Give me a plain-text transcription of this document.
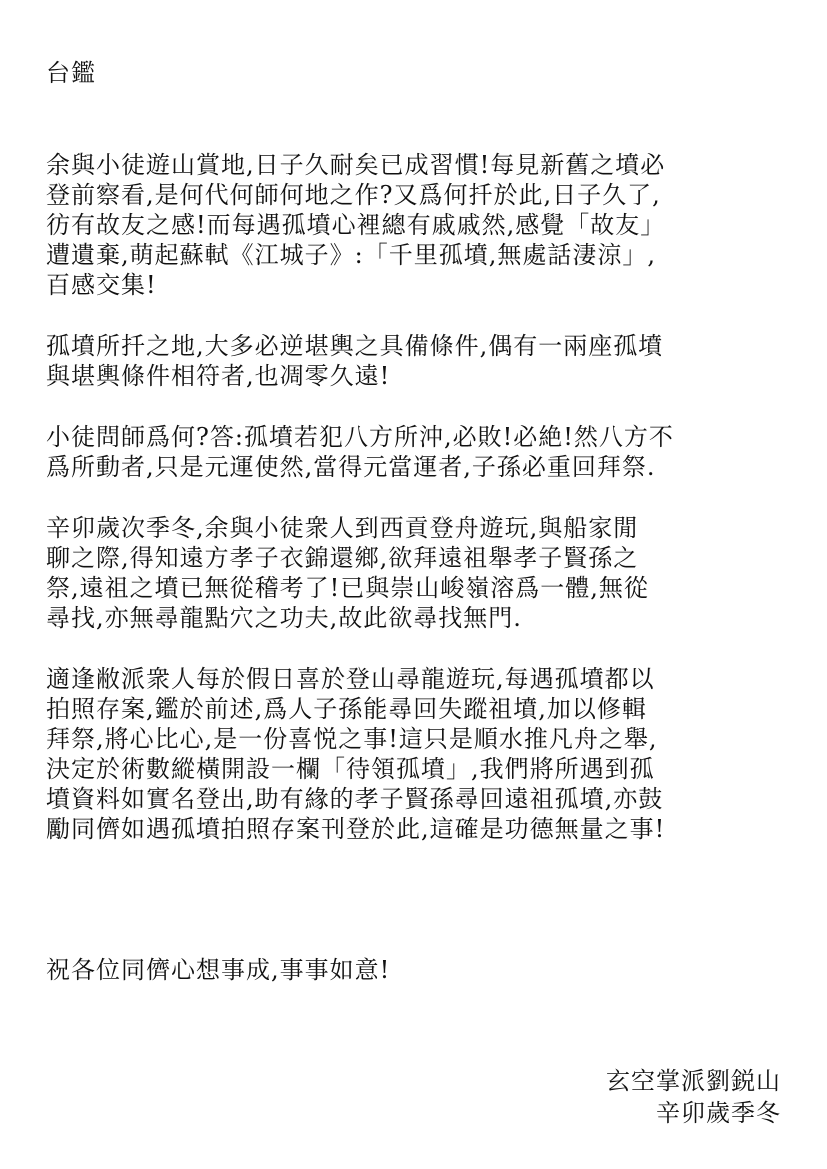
台鑑

余與小徒遊山賞地,日子久耐矣已成習慣!每見新舊之墳必
登前察看,是何代何師何地之作?又爲何扦於此,日子久了,
彷有故友之感!而每遇孤墳心裡總有戚戚然,感覺「故友」
遭遺棄,萌起蘇軾《江城子》:「千里孤墳,無處話淒涼」,
百感交集!

孤墳所扦之地,大多必逆堪輿之具備條件,偶有一兩座孤墳
與堪輿條件相符者,也凋零久遠!

小徒問師爲何?答:孤墳若犯八方所沖,必敗!必絶!然八方不
爲所動者,只是元運使然,當得元當運者,子孫必重回拜祭.

辛卯歲次季冬,余與小徒衆人到西貢登舟遊玩,與船家閒
聊之際,得知遠方孝子衣錦還鄉,欲拜遠祖舉孝子賢孫之
祭,遠祖之墳已無從稽考了!已與崇山峻嶺溶爲一體,無從
尋找,亦無尋龍點穴之功夫,故此欲尋找無門.

適逢敝派衆人每於假日喜於登山尋龍遊玩,每遇孤墳都以
拍照存案,鑑於前述,爲人子孫能尋回失蹤祖墳,加以修輯
拜祭,將心比心,是一份喜悦之事!這只是順水推凡舟之舉,
決定於術數縱橫開設一欄「待領孤墳」,我們將所遇到孤
墳資料如實名登出,助有緣的孝子賢孫尋回遠祖孤墳,亦鼓
勵同儕如遇孤墳拍照存案刊登於此,這確是功德無量之事!

祝各位同儕心想事成,事事如意!
玄空掌派劉鋭山
辛卯歲季冬
